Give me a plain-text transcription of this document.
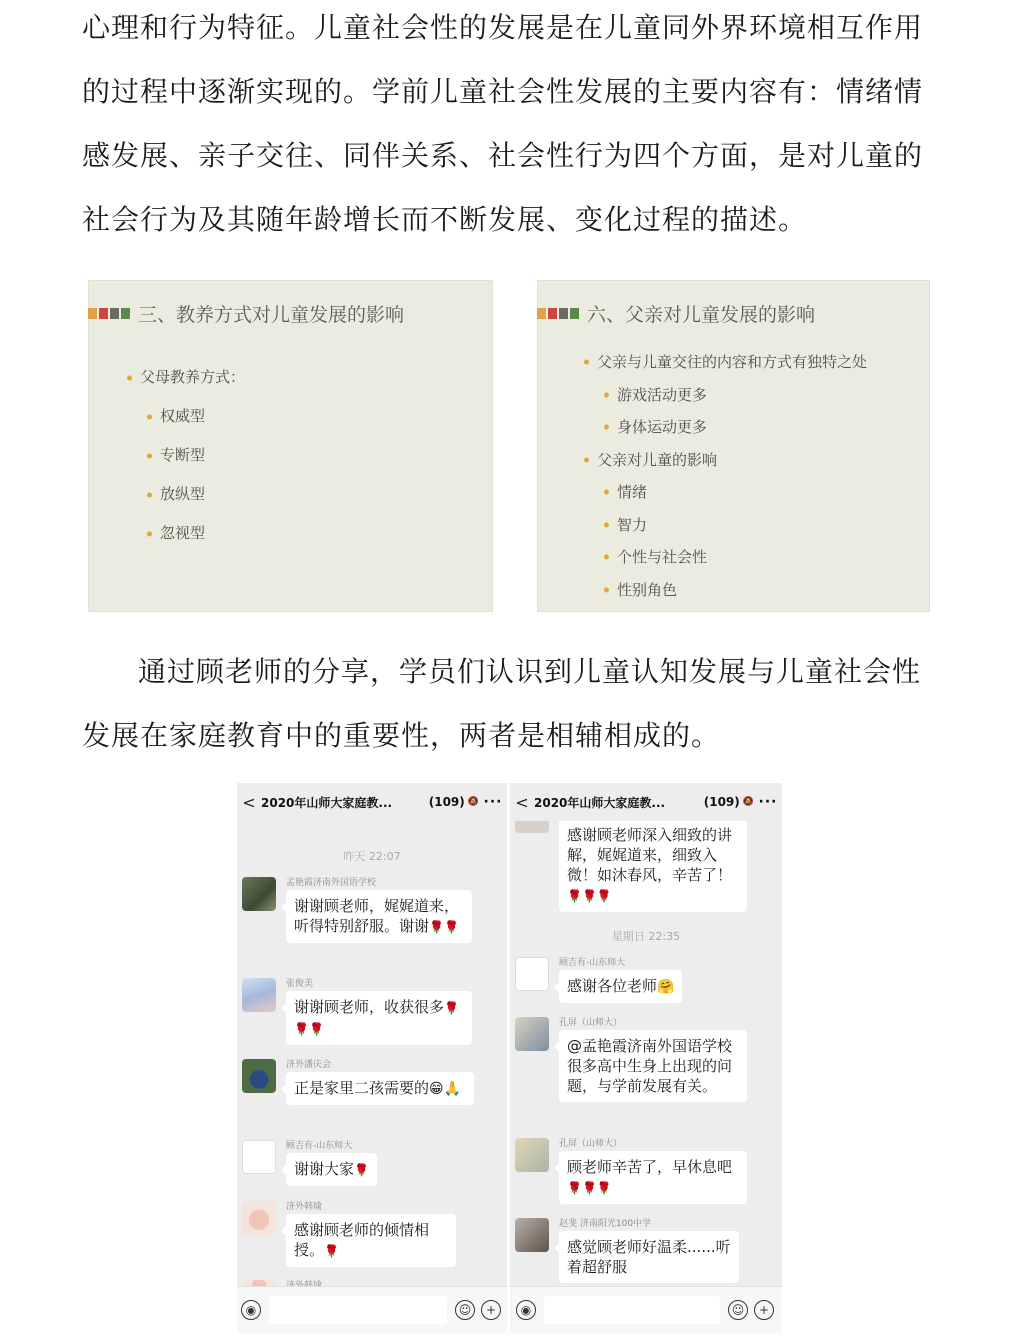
心理和行为特征。儿童社会性的发展是在儿童同外界环境相互作用的过程中逐渐实现的。学前儿童社会性发展的主要内容有：情绪情感发展、亲子交往、同伴关系、社会性行为四个方面，是对儿童的社会行为及其随年龄增长而不断发展、变化过程的描述。

三、教养方式对儿童发展的影响
父母教养方式：
权威型
专断型
放纵型
忽视型
六、父亲对儿童发展的影响
父亲与儿童交往的内容和方式有独特之处
游戏活动更多
身体运动更多
父亲对儿童的影响
情绪
智力
个性与社会性
性别角色

通过顾老师的分享，学员们认识到儿童认知发展与儿童社会性发展在家庭教育中的重要性，两者是相辅相成的。

< 2020年山师大家庭教...	(109) 🔕 ···
昨天 22:07
孟艳霞济南外国语学校
谢谢顾老师，娓娓道来，听得特别舒服。谢谢🌹🌹
张俊美
谢谢顾老师，收获很多🌹🌹🌹
济外潘庆会
正是家里二孩需要的😁🙏
顾吉有-山东师大
谢谢大家🌹
济外韩瑜
感谢顾老师的倾情相授。🌹
◉	☺	+
< 2020年山师大家庭教...	(109) 🔕 ···
感谢顾老师深入细致的讲解，娓娓道来，细致入微！如沐春风，辛苦了！🌹🌹🌹
星期日 22:35
顾吉有-山东师大
感谢各位老师🤗
孔屏（山师大）
@孟艳霞济南外国语学校 很多高中生身上出现的问题，与学前发展有关。
孔屏（山师大）
顾老师辛苦了，早休息吧🌹🌹🌹
赵斐 济南阳光100中学
感觉顾老师好温柔......听着超舒服
◉	☺	+
